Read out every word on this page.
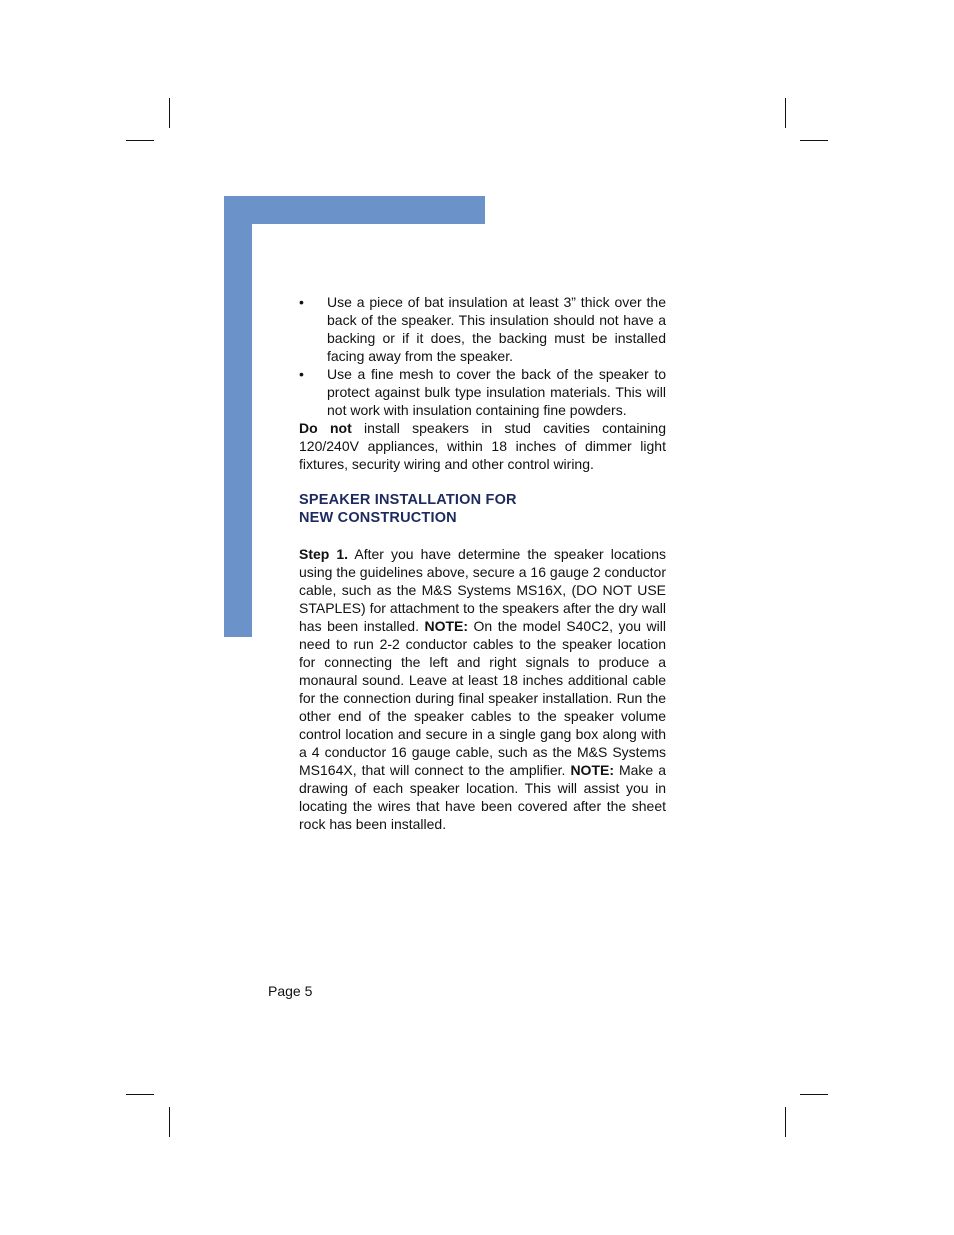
• Use a piece of bat insulation at least 3” thick over the back of the speaker. This insulation should not have a backing or if it does, the backing must be installed facing away from the speaker.
• Use a fine mesh to cover the back of the speaker to protect against bulk type insulation materials. This will not work with insulation containing fine powders.

Do not install speakers in stud cavities containing 120/240V appliances, within 18 inches of dimmer light fixtures, security wiring and other control wiring.

SPEAKER INSTALLATION FOR
NEW CONSTRUCTION

Step 1. After you have determine the speaker locations using the guidelines above, secure a 16 gauge 2 conductor cable, such as the M&S Systems MS16X, (DO NOT USE STAPLES) for attachment to the speakers after the dry wall has been installed. NOTE: On the model S40C2, you will need to run 2-2 conductor cables to the speaker location for connecting the left and right signals to produce a monaural sound. Leave at least 18 inches additional cable for the connection during final speaker installation. Run the other end of the speaker cables to the speaker volume control location and secure in a single gang box along with a 4 conductor 16 gauge cable, such as the M&S Systems MS164X, that will connect to the amplifier. NOTE: Make a drawing of each speaker location. This will assist you in locating the wires that have been covered after the sheet rock has been installed.

Page 5
